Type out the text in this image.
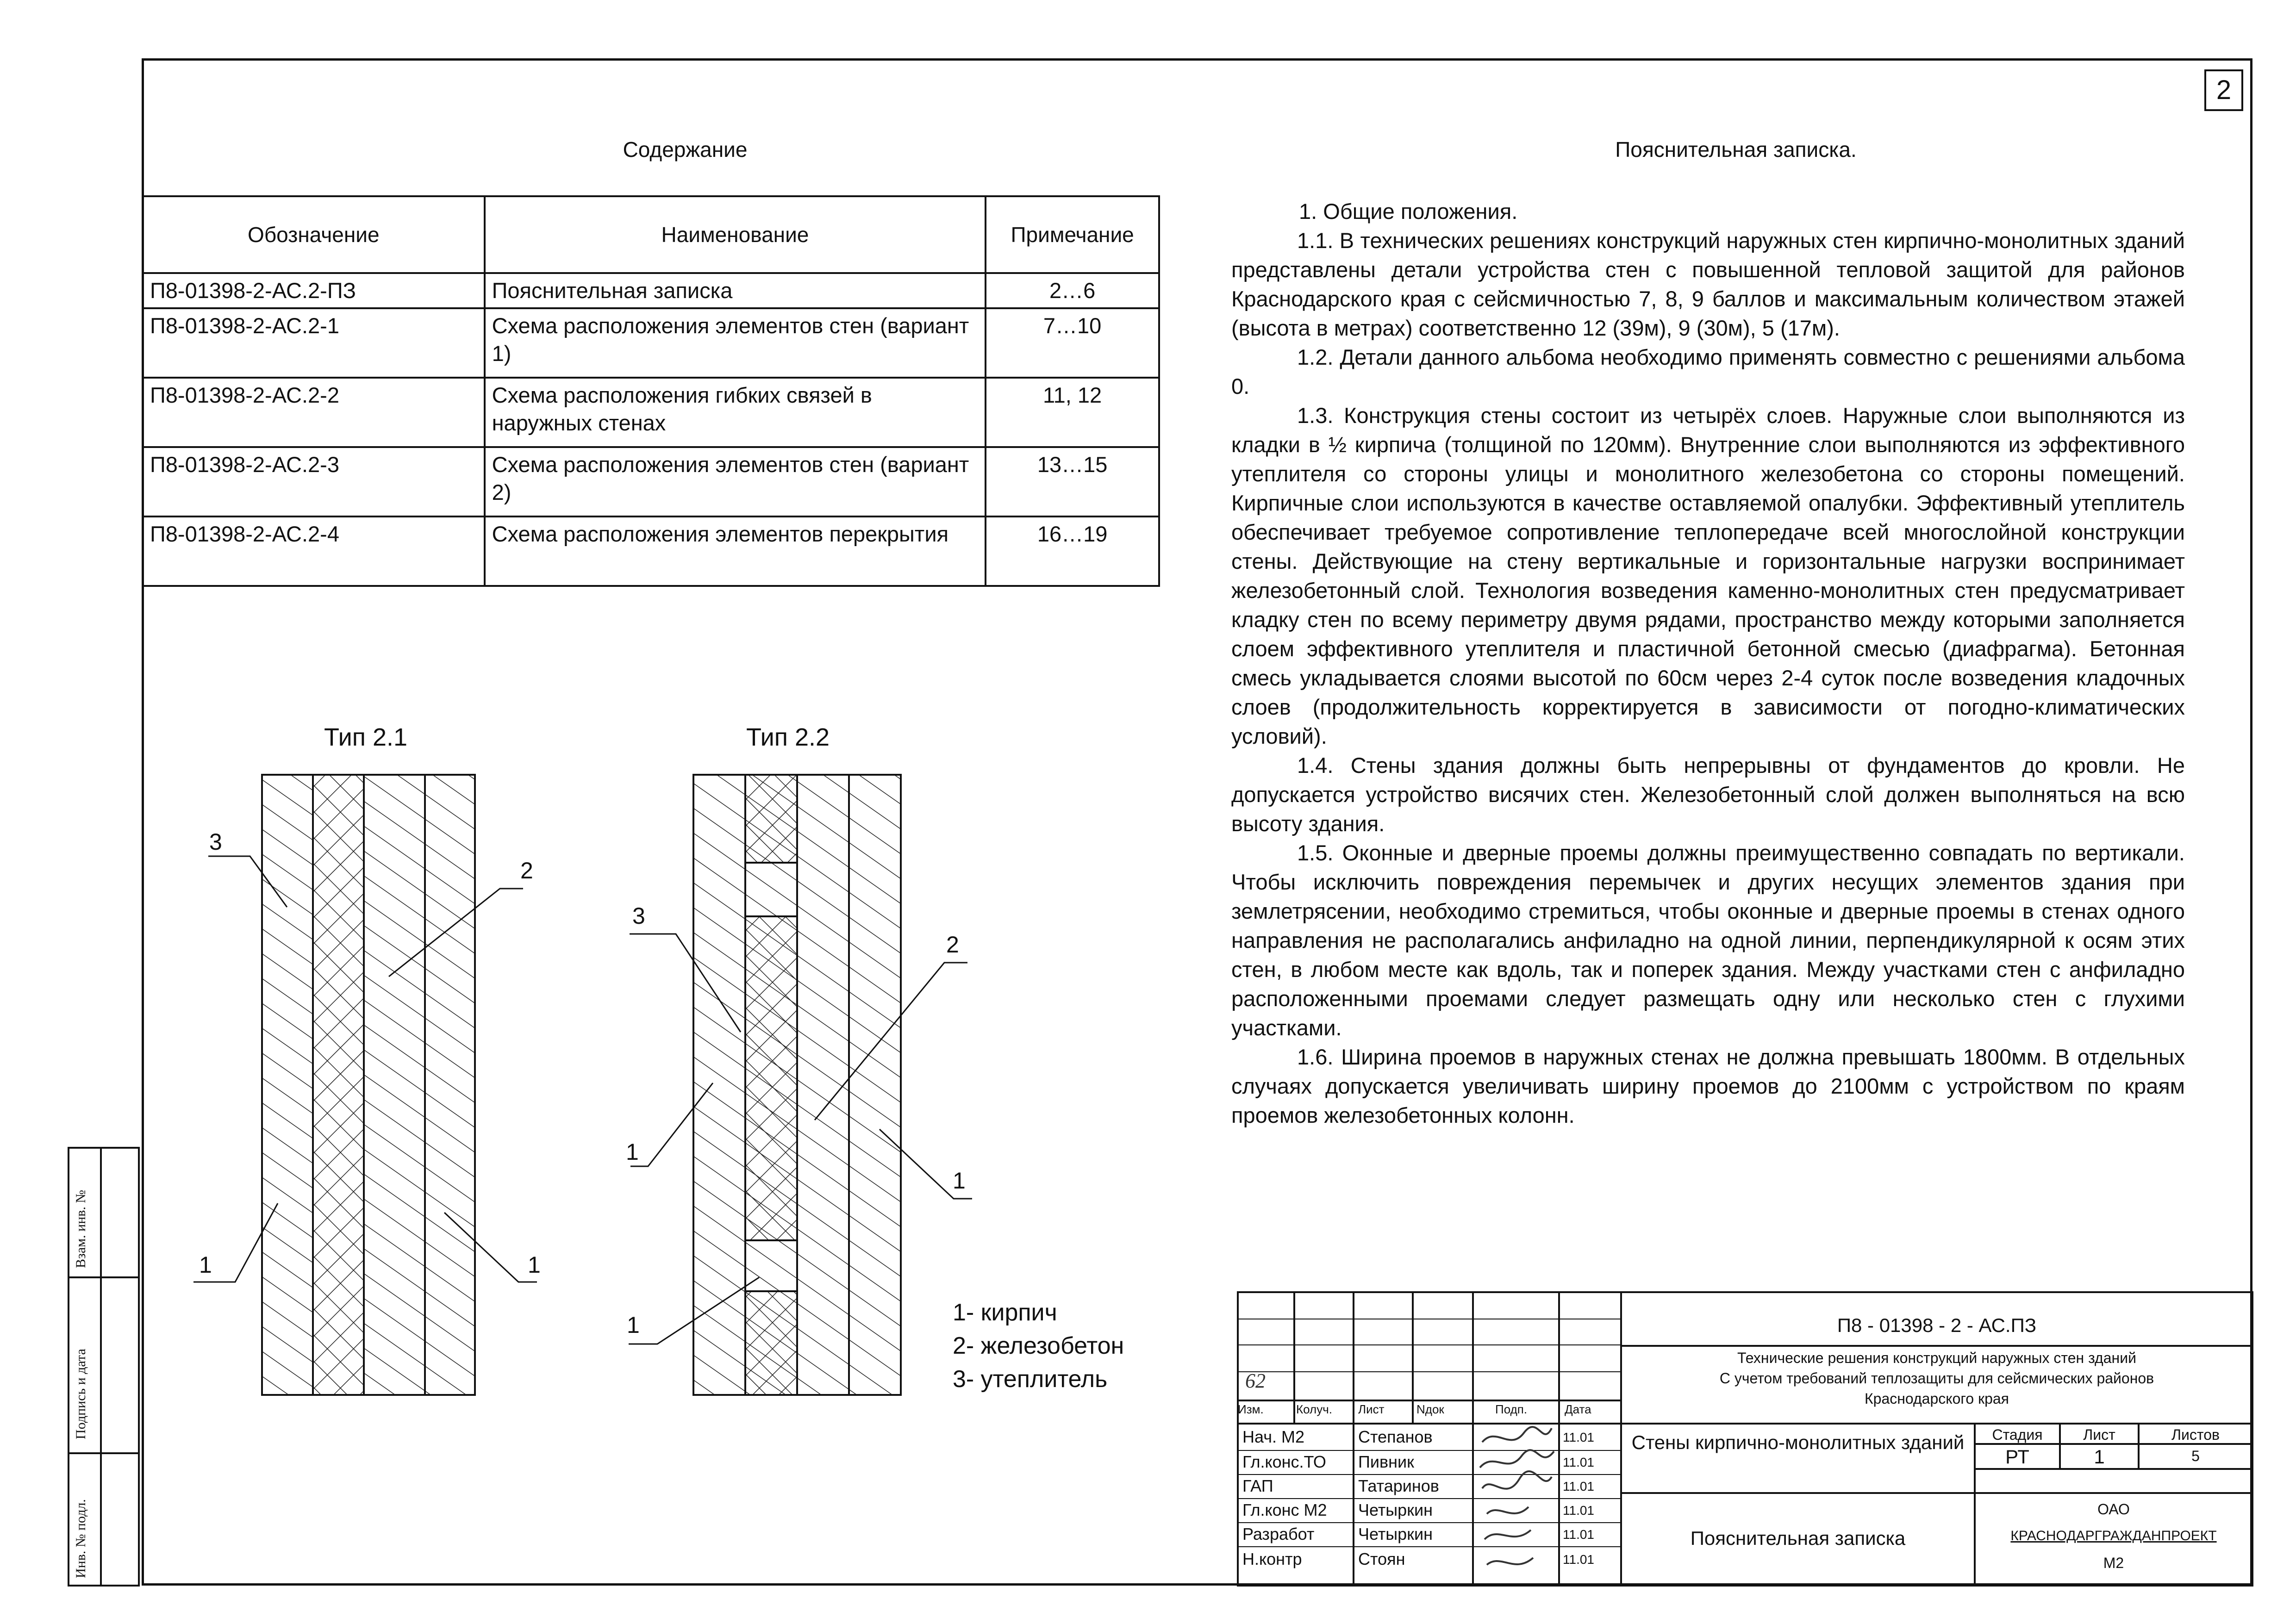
2
Содержание
Обозначение	Наименование	Примечание
П8-01398-2-АС.2-ПЗ	Пояснительная записка	2…6
П8-01398-2-АС.2-1	Схема расположения элементов стен (вариант 1)	7…10
П8-01398-2-АС.2-2	Схема расположения гибких связей в наружных стенах	11, 12
П8-01398-2-АС.2-3	Схема расположения элементов стен (вариант 2)	13…15
П8-01398-2-АС.2-4	Схема расположения элементов перекрытия	16…19
Пояснительная записка.

1. Общие положения.

1.1. В технических решениях конструкций наружных стен кирпично-монолитных зданий представлены детали устройства стен с повышенной тепловой защитой для районов Краснодарского края с сейсмичностью 7, 8, 9 баллов и максимальным количеством этажей (высота в метрах) соответственно 12 (39м), 9 (30м), 5 (17м).

1.2. Детали данного альбома необходимо применять совместно с решениями альбома 0.

1.3. Конструкция стены состоит из четырёх слоев. Наружные слои выполняются из кладки в ½ кирпича (толщиной по 120мм). Внутренние слои выполняются из эффективного утеплителя со стороны улицы и монолитного железобетона со стороны помещений. Кирпичные слои используются в качестве оставляемой опалубки. Эффективный утеплитель обеспечивает требуемое сопротивление теплопередаче всей многослойной конструкции стены. Действующие на стену вертикальные и горизонтальные нагрузки воспринимает железобетонный слой. Технология возведения каменно-монолитных стен предусматривает кладку стен по всему периметру двумя рядами, пространство между которыми заполняется слоем эффективного утеплителя и пластичной бетонной смесью (диафрагма). Бетонная смесь укладывается слоями высотой по 60см через 2-4 суток после возведения кладочных слоев (продолжительность корректируется в зависимости от погодно-климатических условий).

1.4. Стены здания должны быть непрерывны от фундаментов до кровли. Не допускается устройство висячих стен. Железобетонный слой должен выполняться на всю высоту здания.

1.5. Оконные и дверные проемы должны преимущественно совпадать по вертикали. Чтобы исключить повреждения перемычек и других несущих элементов здания при землетрясении, необходимо стремиться, чтобы оконные и дверные проемы в стенах одного направления не располагались анфиладно на одной линии, перпендикулярной к осям этих стен, в любом месте как вдоль, так и поперек здания. Между участками стен с анфиладно расположенными проемами следует размещать одну или несколько стен с глухими участками.

1.6. Ширина проемов в наружных стенах не должна превышать 1800мм. В отдельных случаях допускается увеличивать ширину проемов до 2100мм с устройством по краям проемов железобетонных колонн.

Тип 2.1	Тип 2.2
3
2
1	1
3
2
1
1
1	1- кирпич
2- железобетон
3- утеплитель
Взам. инв. №
Подпись и дата
Инв. № подл.
П8 - 01398 - 2 - АС.ПЗ
Технические решения конструкций наружных стен зданий
С учетом требований теплозащиты для сейсмических районов
Краснодарского края
Стены кирпично-монолитных зданий
Пояснительная записка
Стадия	Лист	Листов
РТ	1	5
ОАО
КРАСНОДАРГРАЖДАНПРОЕКТ
М2
Изм.	Колуч. Лист	Nдок	Подп.	Дата
62
Нач. М2	Степанов	11.01
Гл.конс.ТО Пивник	11.01
ГАП	Татаринов	11.01
Гл.конс М2 Четыркин	11.01
Разработ	Четыркин	11.01
Н.контр	Стоян	11.01
